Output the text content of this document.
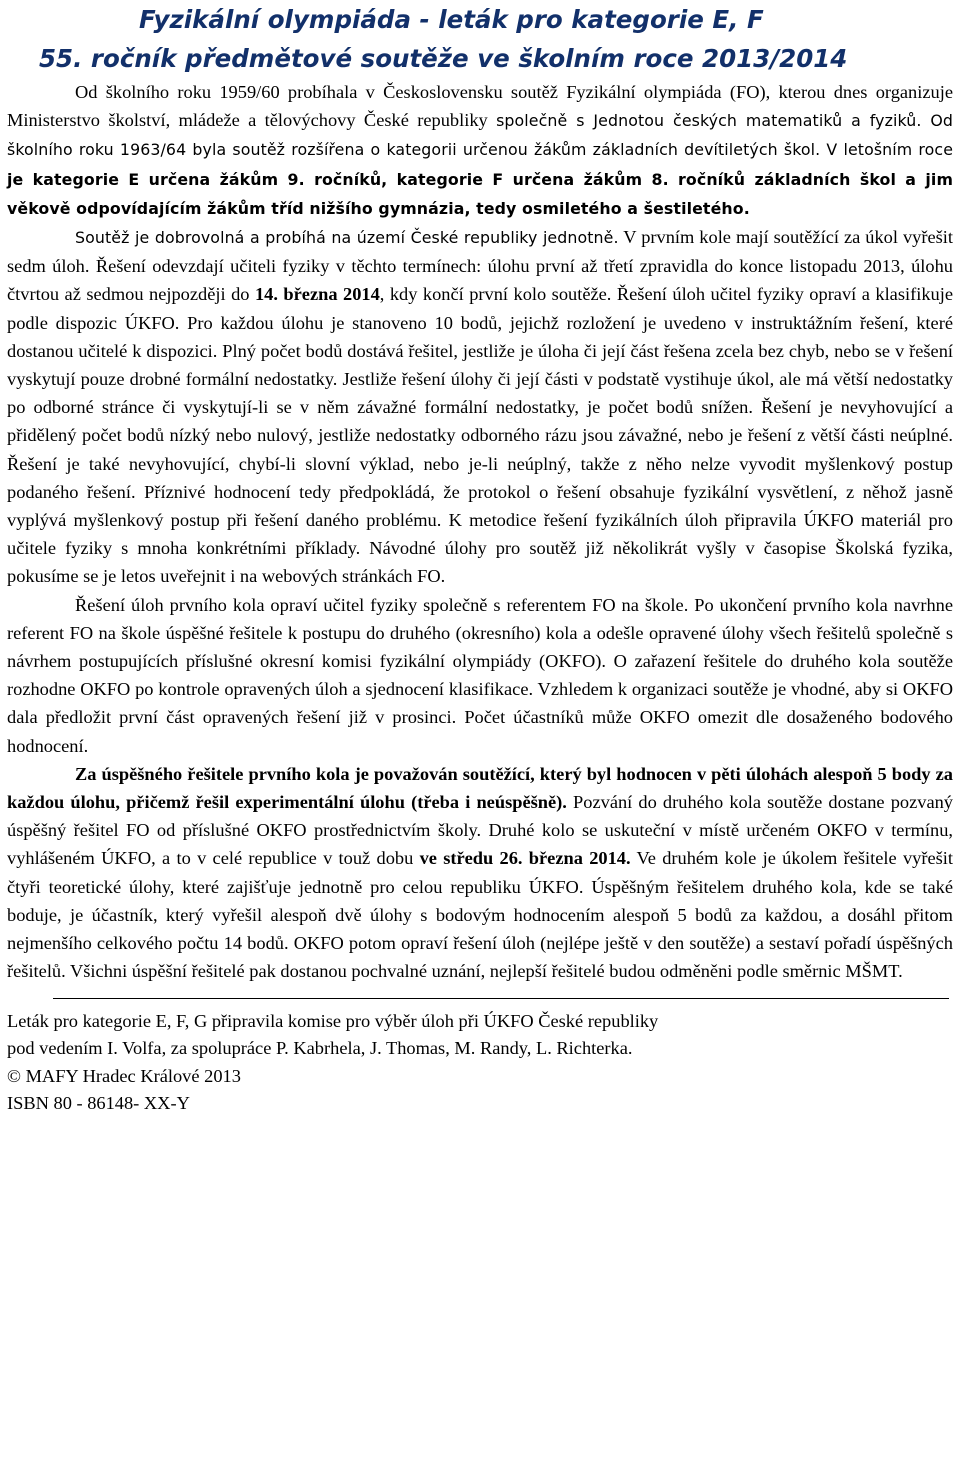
Fyzikální olympiáda - leták pro kategorie E, F
55. ročník předmětové soutěže ve školním roce 2013/2014

Od školního roku 1959/60 probíhala v Československu soutěž Fyzikální olympiáda (FO), kterou dnes organizuje Ministerstvo školství, mládeže a tělovýchovy České republiky společně s Jednotou českých matematiků a fyziků. Od školního roku 1963/64 byla soutěž rozšířena o kategorii určenou žákům základních devítiletých škol. V letošním roce je kategorie E určena žákům 9. ročníků, kategorie F určena žákům 8. ročníků základních škol a jim věkově odpovídajícím žákům tříd nižšího gymnázia, tedy osmiletého a šestiletého.

Soutěž je dobrovolná a probíhá na území České republiky jednotně. V prvním kole mají soutěžící za úkol vyřešit sedm úloh. Řešení odevzdají učiteli fyziky v těchto termínech: úlohu první až třetí zpravidla do konce listopadu 2013, úlohu čtvrtou až sedmou nejpozději do 14. března 2014, kdy končí první kolo soutěže. Řešení úloh učitel fyziky opraví a klasifikuje podle dispozic ÚKFO. Pro každou úlohu je stanoveno 10 bodů, jejichž rozložení je uvedeno v instruktážním řešení, které dostanou učitelé k dispozici. Plný počet bodů dostává řešitel, jestliže je úloha či její část řešena zcela bez chyb, nebo se v řešení vyskytují pouze drobné formální nedostatky. Jestliže řešení úlohy či její části v podstatě vystihuje úkol, ale má větší nedostatky po odborné stránce či vyskytují-li se v něm závažné formální nedostatky, je počet bodů snížen. Řešení je nevyhovující a přidělený počet bodů nízký nebo nulový, jestliže nedostatky odborného rázu jsou závažné, nebo je řešení z větší části neúplné. Řešení je také nevyhovující, chybí-li slovní výklad, nebo je-li neúplný, takže z něho nelze vyvodit myšlenkový postup podaného řešení. Příznivé hodnocení tedy předpokládá, že protokol o řešení obsahuje fyzikální vysvětlení, z něhož jasně vyplývá myšlenkový postup při řešení daného problému. K metodice řešení fyzikálních úloh připravila ÚKFO materiál pro učitele fyziky s mnoha konkrétními příklady. Návodné úlohy pro soutěž již několikrát vyšly v časopise Školská fyzika, pokusíme se je letos uveřejnit i na webových stránkách FO.

Řešení úloh prvního kola opraví učitel fyziky společně s referentem FO na škole. Po ukončení prvního kola navrhne referent FO na škole úspěšné řešitele k postupu do druhého (okresního) kola a odešle opravené úlohy všech řešitelů společně s návrhem postupujících příslušné okresní komisi fyzikální olympiády (OKFO). O zařazení řešitele do druhého kola soutěže rozhodne OKFO po kontrole opravených úloh a sjednocení klasifikace. Vzhledem k organizaci soutěže je vhodné, aby si OKFO dala předložit první část opravených řešení již v prosinci. Počet účastníků může OKFO omezit dle dosaženého bodového hodnocení.

Za úspěšného řešitele prvního kola je považován soutěžící, který byl hodnocen v pěti úlohách alespoň 5 body za každou úlohu, přičemž řešil experimentální úlohu (třeba i neúspěšně). Pozvání do druhého kola soutěže dostane pozvaný úspěšný řešitel FO od příslušné OKFO prostřednictvím školy. Druhé kolo se uskuteční v místě určeném OKFO v termínu, vyhlášeném ÚKFO, a to v celé republice v touž dobu ve středu 26. března 2014. Ve druhém kole je úkolem řešitele vyřešit čtyři teoretické úlohy, které zajišťuje jednotně pro celou republiku ÚKFO. Úspěšným řešitelem druhého kola, kde se také boduje, je účastník, který vyřešil alespoň dvě úlohy s bodovým hodnocením alespoň 5 bodů za každou, a dosáhl přitom nejmenšího celkového počtu 14 bodů. OKFO potom opraví řešení úloh (nejlépe ještě v den soutěže) a sestaví pořadí úspěšných řešitelů. Všichni úspěšní řešitelé pak dostanou pochvalné uznání, nejlepší řešitelé budou odměněni podle směrnic MŠMT.

Leták pro kategorie E, F, G připravila komise pro výběr úloh při ÚKFO České republiky

pod vedením I. Volfa, za spolupráce P. Kabrhela, J. Thomas, M. Randy, L. Richterka.

© MAFY Hradec Králové 2013

ISBN 80 - 86148- XX-Y
